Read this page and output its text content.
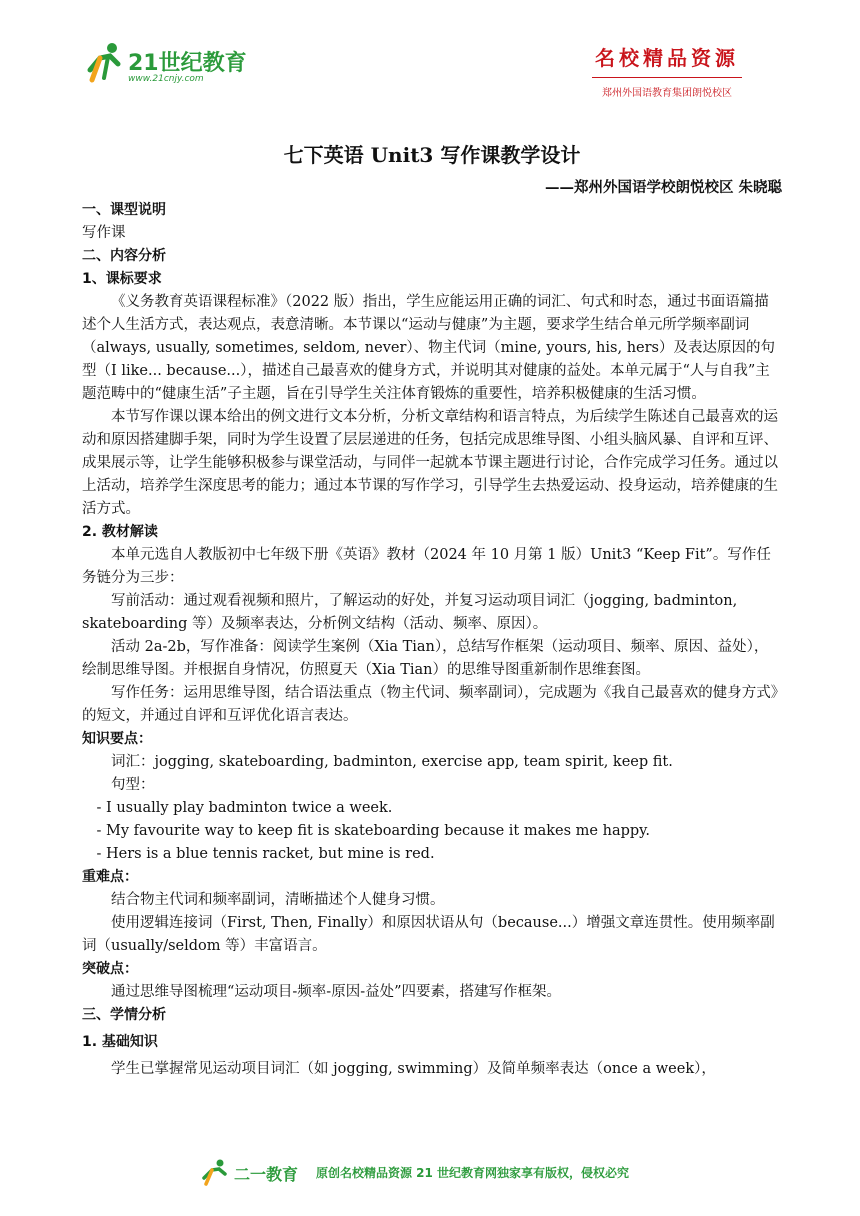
21世纪教育
www.21cnjy.com
名校精品资源
郑州外国语教育集团朗悦校区

七下英语 Unit3 写作课教学设计

——郑州外国语学校朗悦校区 朱晓聪

一、课型说明

写作课

二、内容分析

1、课标要求

《义务教育英语课程标准》（2022 版）指出，学生应能运用正确的词汇、句式和时态，通过书面语篇描述个人生活方式，表达观点，表意清晰。本节课以“运动与健康”为主题，要求学生结合单元所学频率副词（always, usually, sometimes, seldom, never）、物主代词（mine, yours, his, hers）及表达原因的句型（I like... because...），描述自己最喜欢的健身方式，并说明其对健康的益处。本单元属于“人与自我”主题范畴中的“健康生活”子主题，旨在引导学生关注体育锻炼的重要性，培养积极健康的生活习惯。

本节写作课以课本给出的例文进行文本分析，分析文章结构和语言特点，为后续学生陈述自己最喜欢的运动和原因搭建脚手架，同时为学生设置了层层递进的任务，包括完成思维导图、小组头脑风暴、自评和互评、成果展示等，让学生能够积极参与课堂活动，与同伴一起就本节课主题进行讨论，合作完成学习任务。通过以上活动，培养学生深度思考的能力；通过本节课的写作学习，引导学生去热爱运动、投身运动，培养健康的生活方式。

2. 教材解读

本单元选自人教版初中七年级下册《英语》教材（2024 年 10 月第 1 版）Unit3 “Keep Fit”。写作任务链分为三步：

写前活动：通过观看视频和照片，了解运动的好处，并复习运动项目词汇（jogging, badminton, skateboarding 等）及频率表达，分析例文结构（活动、频率、原因）。

活动 2a-2b，写作准备：阅读学生案例（Xia Tian），总结写作框架（运动项目、频率、原因、益处），绘制思维导图。并根据自身情况，仿照夏天（Xia Tian）的思维导图重新制作思维套图。

写作任务：运用思维导图，结合语法重点（物主代词、频率副词），完成题为《我自己最喜欢的健身方式》的短文，并通过自评和互评优化语言表达。

知识要点：

词汇：jogging, skateboarding, badminton, exercise app, team spirit, keep fit.

句型：

- I usually play badminton twice a week.

- My favourite way to keep fit is skateboarding because it makes me happy.

- Hers is a blue tennis racket, but mine is red.

重难点：

结合物主代词和频率副词，清晰描述个人健身习惯。

使用逻辑连接词（First, Then, Finally）和原因状语从句（because...）增强文章连贯性。使用频率副词（usually/seldom 等）丰富语言。

突破点：

通过思维导图梳理“运动项目-频率-原因-益处”四要素，搭建写作框架。

三、学情分析

1. 基础知识

学生已掌握常见运动项目词汇（如 jogging, swimming）及简单频率表达（once a week），

二一教育 原创名校精品资源 21 世纪教育网独家享有版权，侵权必究
